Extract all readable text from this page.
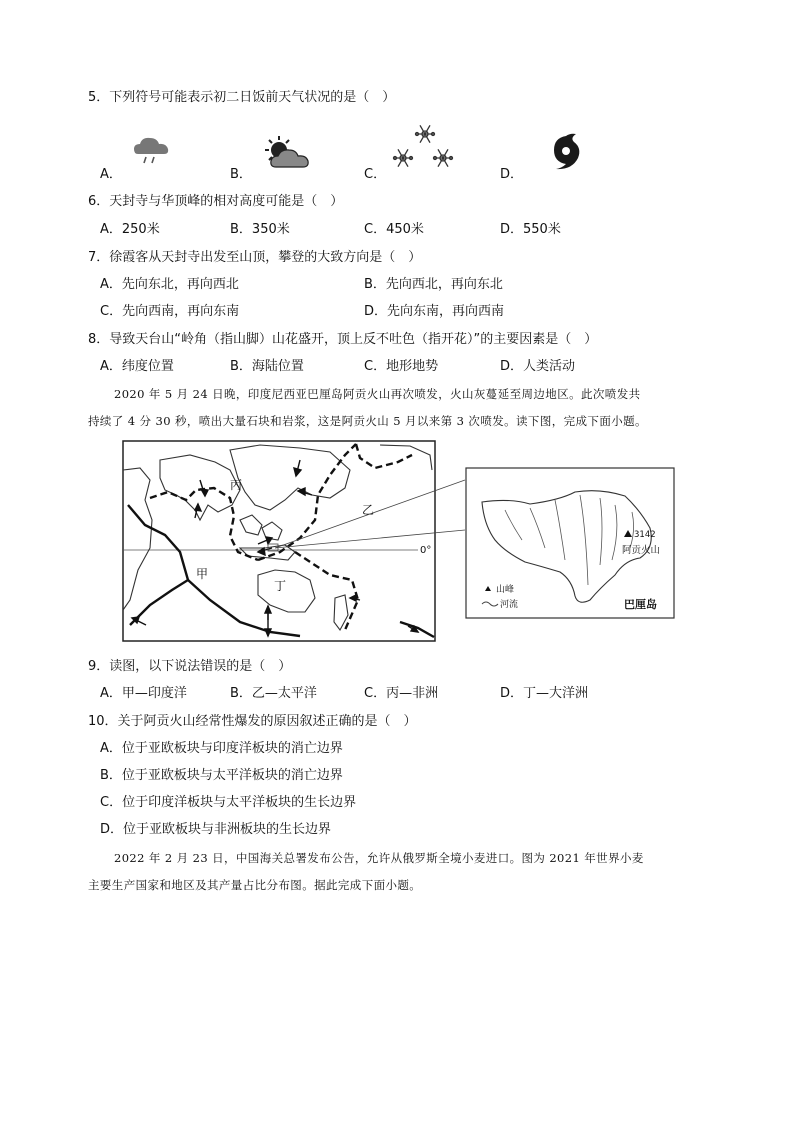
5．下列符号可能表示初二日饭前天气状况的是（　）
A．	B．	C．	D．
6．天封寺与华顶峰的相对高度可能是（　）
A．250米	B．350米	C．450米	D．550米
7．徐霞客从天封寺出发至山顶，攀登的大致方向是（　）
A．先向东北，再向西北	B．先向西北，再向东北
C．先向西南，再向东南	D．先向东南，再向西南
8．导致天台山“岭角（指山脚）山花盛开，顶上反不吐色（指开花）”的主要因素是（　）
A．纬度位置	B．海陆位置	C．地形地势	D．人类活动
2020 年 5 月 24 日晚，印度尼西亚巴厘岛阿贡火山再次喷发，火山灰蔓延至周边地区。此次喷发共
持续了 4 分 30 秒，喷出大量石块和岩浆，这是阿贡火山 5 月以来第 3 次喷发。读下图，完成下面小题。
丙
乙
甲
丁
0°
3142
阿贡火山
山峰
河流	巴厘岛
9．读图，以下说法错误的是（　）
A．甲—印度洋	B．乙—太平洋	C．丙—非洲	D．丁—大洋洲
10．关于阿贡火山经常性爆发的原因叙述正确的是（　）
A．位于亚欧板块与印度洋板块的消亡边界
B．位于亚欧板块与太平洋板块的消亡边界
C．位于印度洋板块与太平洋板块的生长边界
D．位于亚欧板块与非洲板块的生长边界
2022 年 2 月 23 日，中国海关总署发布公告，允许从俄罗斯全境小麦进口。图为 2021 年世界小麦
主要生产国家和地区及其产量占比分布图。据此完成下面小题。
